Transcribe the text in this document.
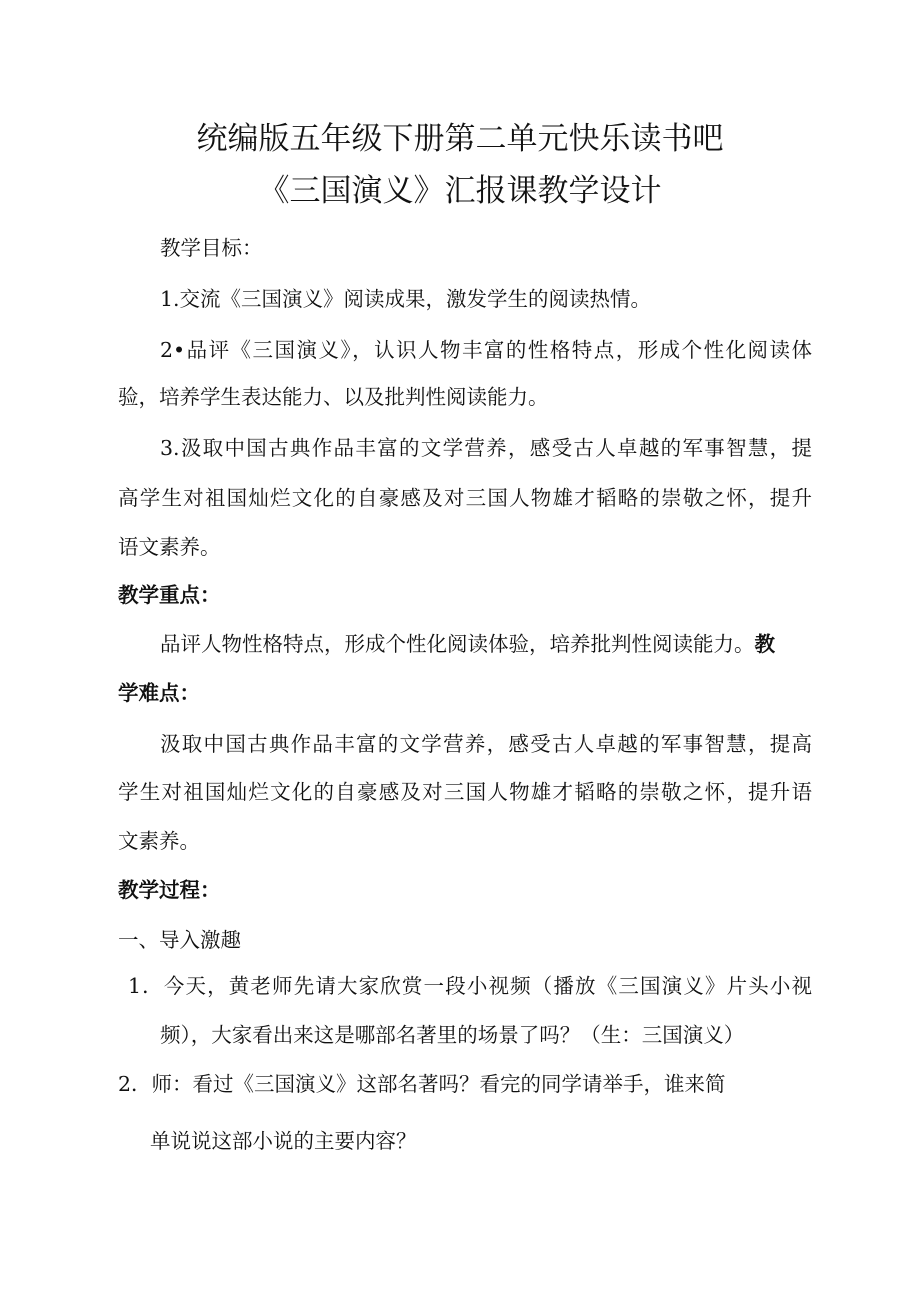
统编版五年级下册第二单元快乐读书吧
《三国演义》汇报课教学设计
教学目标：
1.交流《三国演义》阅读成果，激发学生的阅读热情。
2•品评《三国演义》，认识人物丰富的性格特点，形成个性化阅读体
验，培养学生表达能力、以及批判性阅读能力。
3.汲取中国古典作品丰富的文学营养，感受古人卓越的军事智慧，提
高学生对祖国灿烂文化的自豪感及对三国人物雄才韬略的崇敬之怀，提升
语文素养。
教学重点：
品评人物性格特点，形成个性化阅读体验，培养批判性阅读能力。教
学难点：
汲取中国古典作品丰富的文学营养，感受古人卓越的军事智慧，提高
学生对祖国灿烂文化的自豪感及对三国人物雄才韬略的崇敬之怀，提升语
文素养。
教学过程：
一、导入激趣
1．今天，黄老师先请大家欣赏一段小视频（播放《三国演义》片头小视
频），大家看出来这是哪部名著里的场景了吗？（生：三国演义）
2．师：看过《三国演义》这部名著吗？看完的同学请举手，谁来简
单说说这部小说的主要内容？
